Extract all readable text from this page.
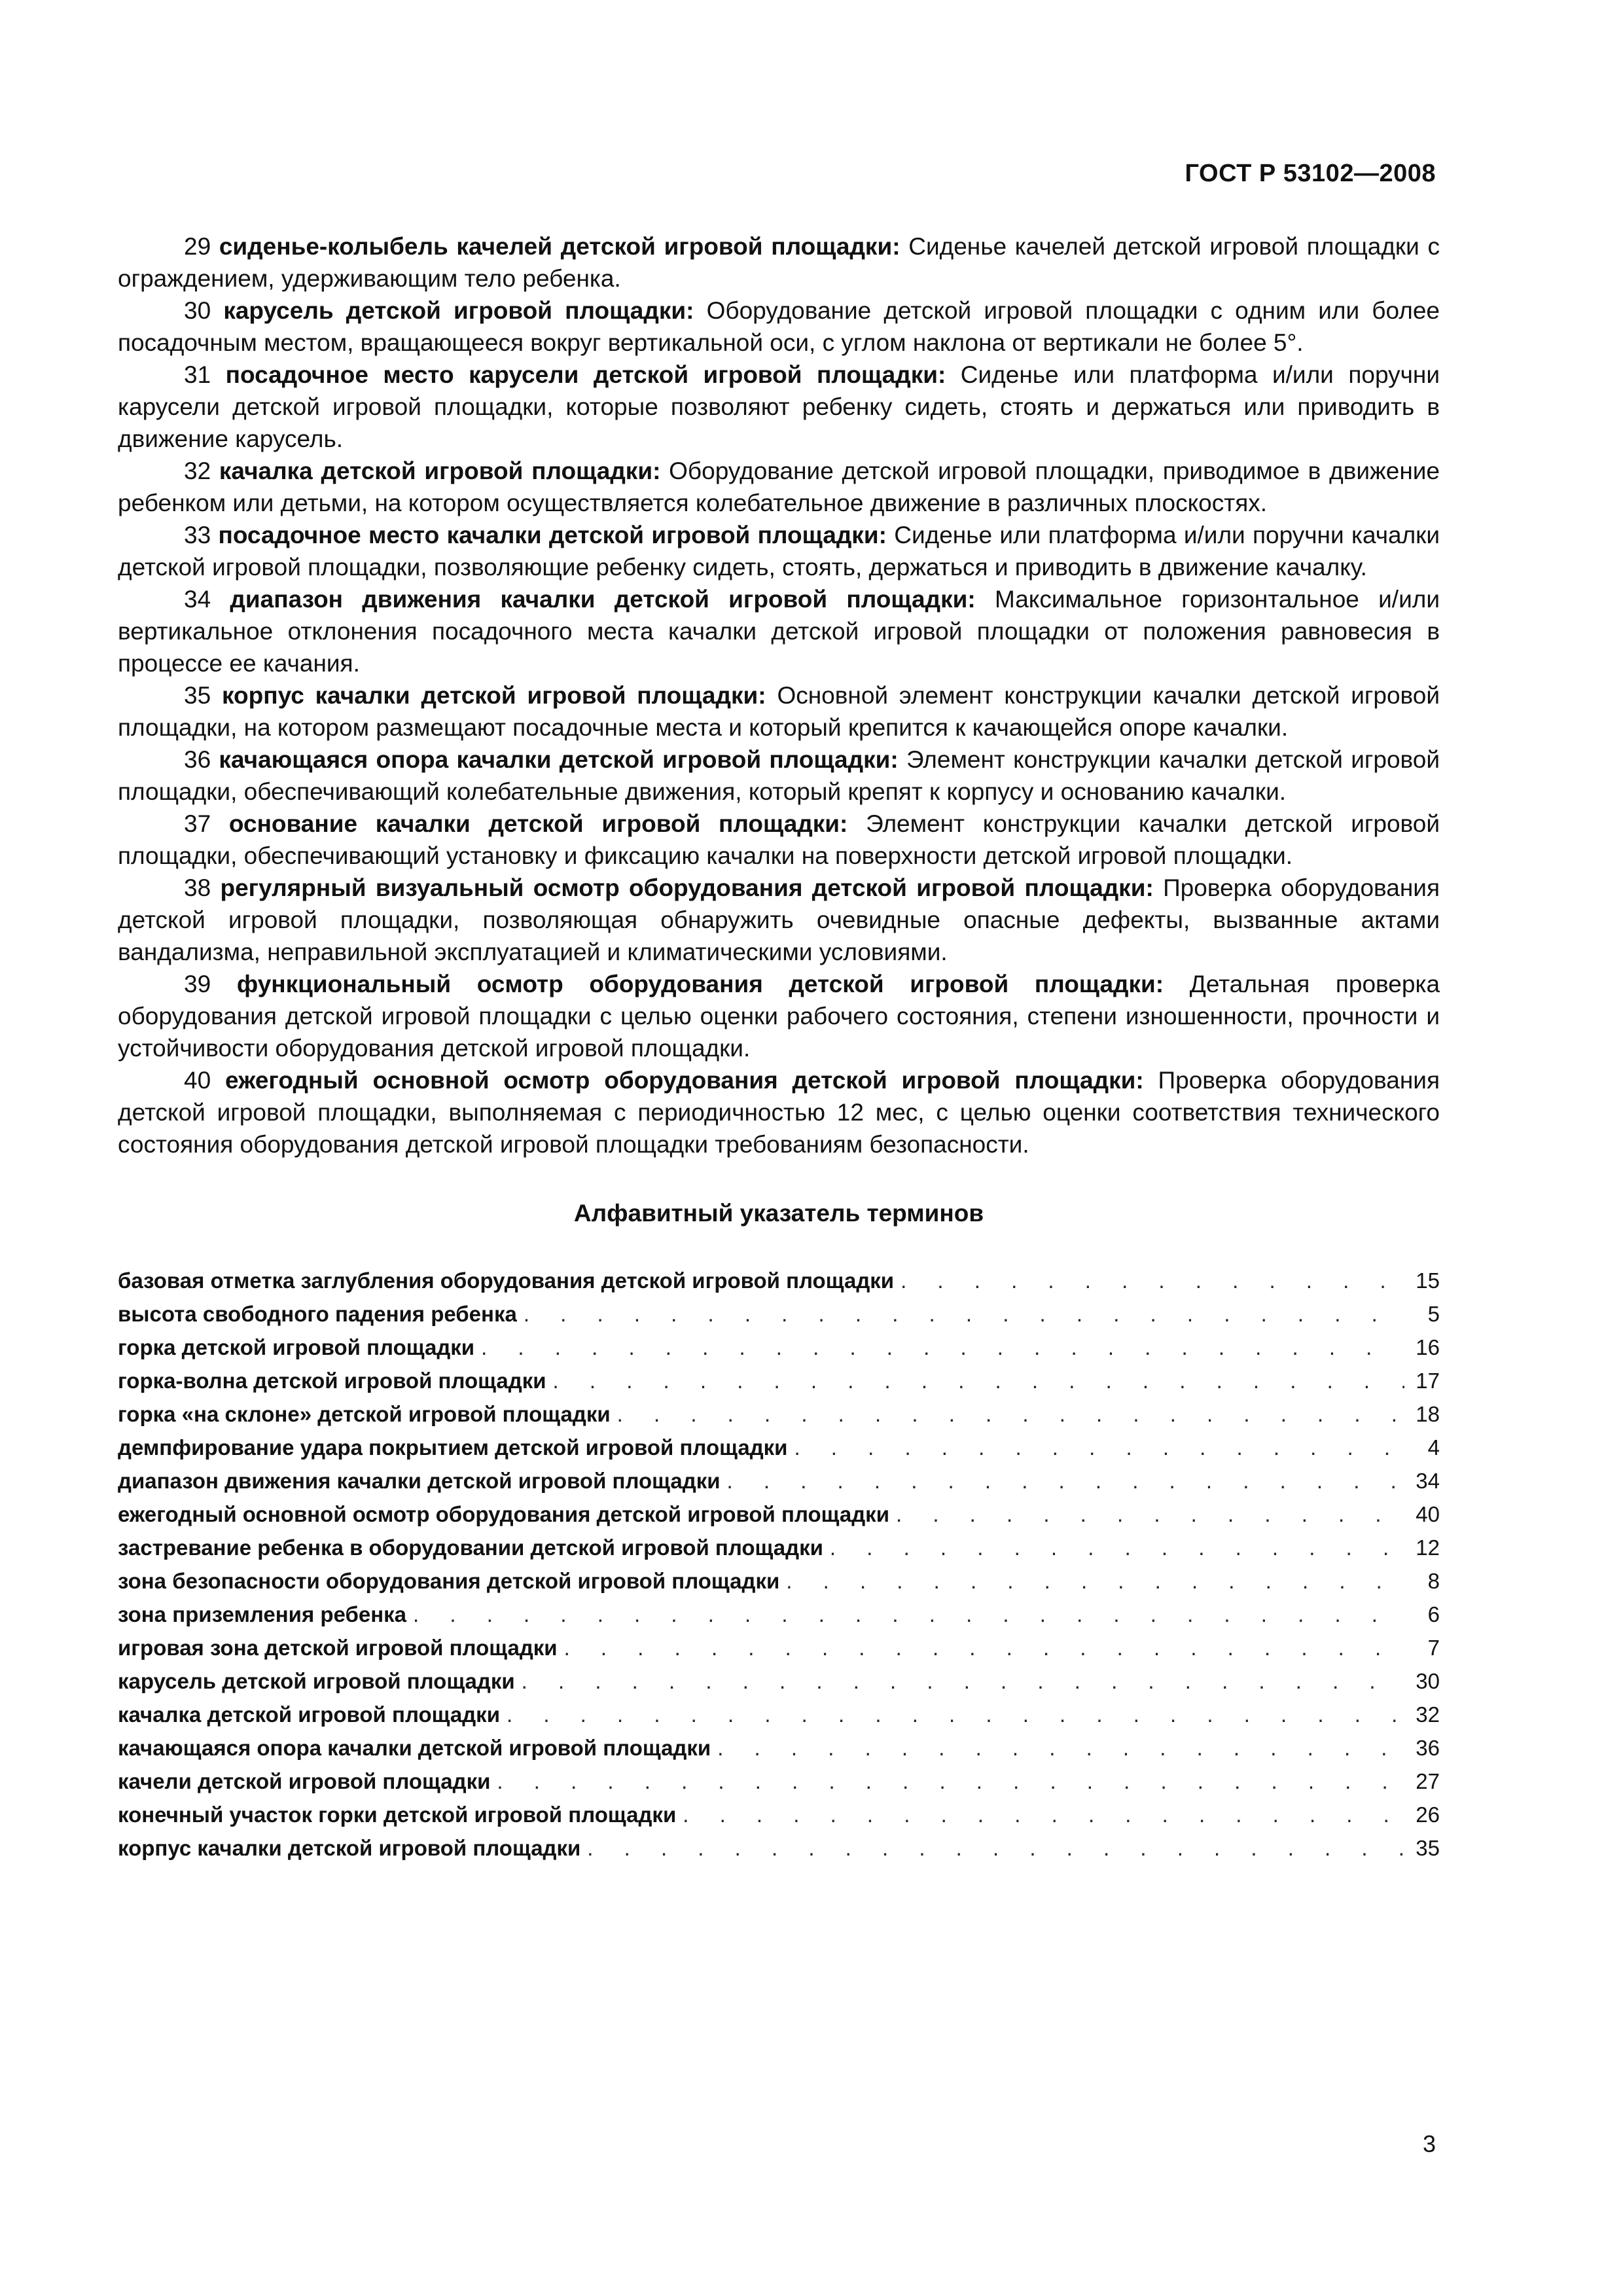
ГОСТ Р 53102—2008

29 сиденье-колыбель качелей детской игровой площадки: Сиденье качелей детской игровой площадки с ограждением, удерживающим тело ребенка.

30 карусель детской игровой площадки: Оборудование детской игровой площадки с одним или более посадочным местом, вращающееся вокруг вертикальной оси, с углом наклона от вертикали не более 5°.

31 посадочное место карусели детской игровой площадки: Сиденье или платформа и/или поручни карусели детской игровой площадки, которые позволяют ребенку сидеть, стоять и держаться или приводить в движение карусель.

32 качалка детской игровой площадки: Оборудование детской игровой площадки, приводимое в движение ребенком или детьми, на котором осуществляется колебательное движение в различных плоскостях.

33 посадочное место качалки детской игровой площадки: Сиденье или платформа и/или поручни качалки детской игровой площадки, позволяющие ребенку сидеть, стоять, держаться и приводить в движение качалку.

34 диапазон движения качалки детской игровой площадки: Максимальное горизонтальное и/или вертикальное отклонения посадочного места качалки детской игровой площадки от положения равновесия в процессе ее качания.

35 корпус качалки детской игровой площадки: Основной элемент конструкции качалки детской игровой площадки, на котором размещают посадочные места и который крепится к качающейся опоре качалки.

36 качающаяся опора качалки детской игровой площадки: Элемент конструкции качалки детской игровой площадки, обеспечивающий колебательные движения, который крепят к корпусу и основанию качалки.

37 основание качалки детской игровой площадки: Элемент конструкции качалки детской игровой площадки, обеспечивающий установку и фиксацию качалки на поверхности детской игровой площадки.

38 регулярный визуальный осмотр оборудования детской игровой площадки: Проверка оборудования детской игровой площадки, позволяющая обнаружить очевидные опасные дефекты, вызванные актами вандализма, неправильной эксплуатацией и климатическими условиями.

39 функциональный осмотр оборудования детской игровой площадки: Детальная проверка оборудования детской игровой площадки с целью оценки рабочего состояния, степени изношенности, прочности и устойчивости оборудования детской игровой площадки.

40 ежегодный основной осмотр оборудования детской игровой площадки: Проверка оборудования детской игровой площадки, выполняемая с периодичностью 12 мес, с целью оценки соответствия технического состояния оборудования детской игровой площадки требованиям безопасности.

Алфавитный указатель терминов
базовая отметка заглубления оборудования детской игровой площадки . . .	15
высота свободного падения ребенка . . .	5
горка детской игровой площадки . . .	16
горка-волна детской игровой площадки . . .	17
горка «на склоне» детской игровой площадки . . .	18
демпфирование удара покрытием детской игровой площадки . . .	4
диапазон движения качалки детской игровой площадки . . .	34
ежегодный основной осмотр оборудования детской игровой площадки . . .	40
застревание ребенка в оборудовании детской игровой площадки . . .	12
зона безопасности оборудования детской игровой площадки . . .	8
зона приземления ребенка . . .	6
игровая зона детской игровой площадки . . .	7
карусель детской игровой площадки . . .	30
качалка детской игровой площадки . . .	32
качающаяся опора качалки детской игровой площадки . . .	36
качели детской игровой площадки . . .	27
конечный участок горки детской игровой площадки . . .	26
корпус качалки детской игровой площадки . . .	35
3
